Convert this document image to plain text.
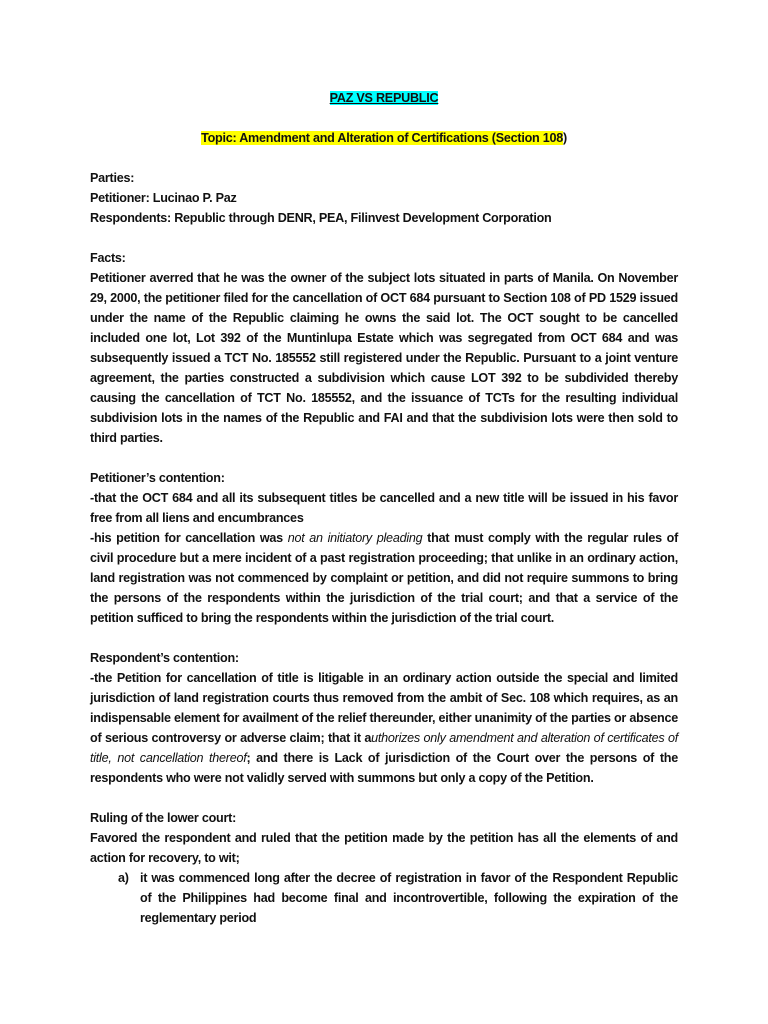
PAZ VS REPUBLIC

Topic: Amendment and Alteration of Certifications (Section 108)

Parties:

Petitioner: Lucinao P. Paz

Respondents: Republic through DENR, PEA, Filinvest Development Corporation

Facts:

Petitioner averred that he was the owner of the subject lots situated in parts of Manila. On November 29, 2000, the petitioner filed for the cancellation of OCT 684 pursuant to Section 108 of PD 1529 issued under the name of the Republic claiming he owns the said lot. The OCT sought to be cancelled included one lot, Lot 392 of the Muntinlupa Estate which was segregated from OCT 684 and was subsequently issued a TCT No. 185552 still registered under the Republic. Pursuant to a joint venture agreement, the parties constructed a subdivision which cause LOT 392 to be subdivided thereby causing the cancellation of TCT No. 185552, and the issuance of TCTs for the resulting individual subdivision lots in the names of the Republic and FAI and that the subdivision lots were then sold to third parties.

Petitioner’s contention:

-that the OCT 684 and all its subsequent titles be cancelled and a new title will be issued in his favor free from all liens and encumbrances

-his petition for cancellation was not an initiatory pleading that must comply with the regular rules of civil procedure but a mere incident of a past registration proceeding; that unlike in an ordinary action, land registration was not commenced by complaint or petition, and did not require summons to bring the persons of the respondents within the jurisdiction of the trial court; and that a service of the petition sufficed to bring the respondents within the jurisdiction of the trial court.

Respondent’s contention:

-the Petition for cancellation of title is litigable in an ordinary action outside the special and limited jurisdiction of land registration courts thus removed from the ambit of Sec. 108 which requires, as an indispensable element for availment of the relief thereunder, either unanimity of the parties or absence of serious controversy or adverse claim; that it authorizes only amendment and alteration of certificates of title, not cancellation thereof; and there is Lack of jurisdiction of the Court over the persons of the respondents who were not validly served with summons but only a copy of the Petition.

Ruling of the lower court:

Favored the respondent and ruled that the petition made by the petition has all the elements of and action for recovery, to wit;

a) it was commenced long after the decree of registration in favor of the Respondent Republic of the Philippines had become final and incontrovertible, following the expiration of the reglementary period
